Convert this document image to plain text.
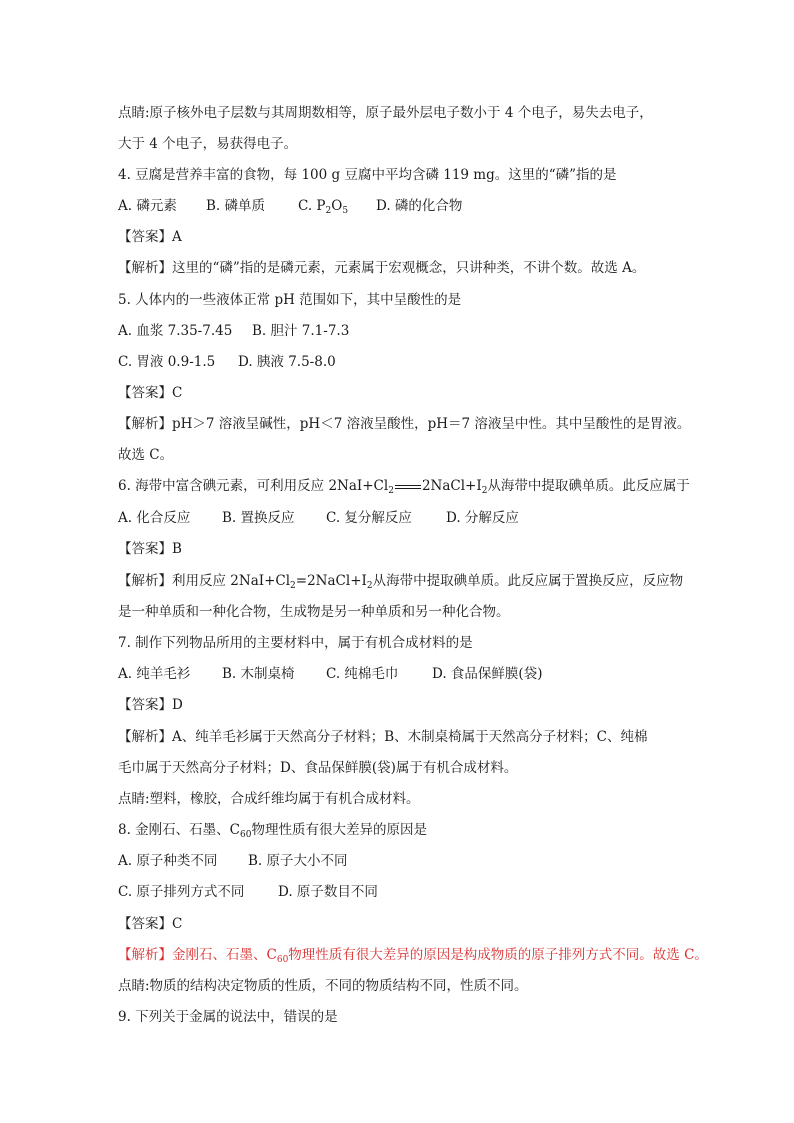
点睛:原子核外电子层数与其周期数相等，原子最外层电子数小于 4 个电子，易失去电子，
大于 4 个电子，易获得电子。
4. 豆腐是营养丰富的食物，每 100 g 豆腐中平均含磷 119 mg。这里的“磷”指的是
A. 磷元素 B. 磷单质 C. $P_2O_5$ D. 磷的化合物
【答案】A
【解析】这里的“磷”指的是磷元素，元素属于宏观概念，只讲种类，不讲个数。故选 A。
5. 人体内的一些液体正常 pH 范围如下，其中呈酸性的是
A. 血浆 7.35-7.45 B. 胆汁 7.1-7.3
C. 胃液 0.9-1.5 D. 胰液 7.5-8.0
【答案】C
【解析】pH＞7 溶液呈碱性，pH＜7 溶液呈酸性，pH＝7 溶液呈中性。其中呈酸性的是胃液。
故选 C。
6. 海带中富含碘元素，可利用反应 $2NaI+Cl_2$ $2NaCl+I_2$从海带中提取碘单质。此反应属于
A. 化合反应 B. 置换反应 C. 复分解反应	D. 分解反应
【答案】B
【解析】利用反应 $2NaI+Cl_2=2NaCl+I_2$从海带中提取碘单质。此反应属于置换反应，反应物
是一种单质和一种化合物，生成物是另一种单质和另一种化合物。
7. 制作下列物品所用的主要材料中，属于有机合成材料的是
A. 纯羊毛衫 B. 木制桌椅 C. 纯棉毛巾 D. 食品保鲜膜(袋)
【答案】D
【解析】A、纯羊毛衫属于天然高分子材料；B、木制桌椅属于天然高分子材料；C、纯棉
毛巾属于天然高分子材料；D、食品保鲜膜(袋)属于有机合成材料。
点睛:塑料，橡胶，合成纤维均属于有机合成材料。
8. 金刚石、石墨、$C_{60}$物理性质有很大差异的原因是
A. 原子种类不同 B. 原子大小不同
C. 原子排列方式不同 D. 原子数目不同
【答案】C
【解析】金刚石、石墨、$C_{60}$物理性质有很大差异的原因是构成物质的原子排列方式不同。故选 C。
点睛:物质的结构决定物质的性质，不同的物质结构不同，性质不同。
9. 下列关于金属的说法中，错误的是
